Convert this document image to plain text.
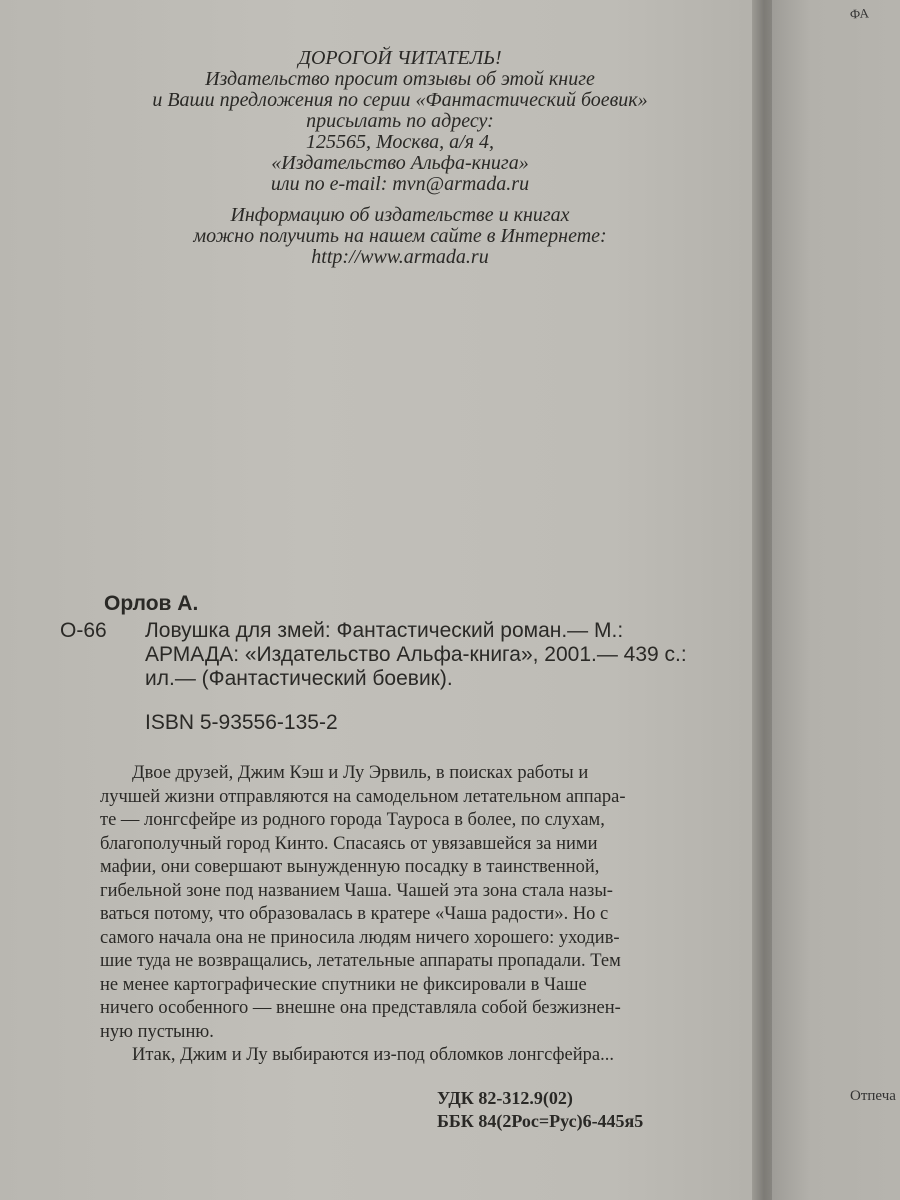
ДОРОГОЙ ЧИТАТЕЛЬ!
Издательство просит отзывы об этой книге
и Ваши предложения по серии «Фантастический боевик»
присылать по адресу:
125565, Москва, а/я 4,
«Издательство Альфа-книга»
или по e-mail: mvn@armada.ru
Информацию об издательстве и книгах
можно получить на нашем сайте в Интернете:
http://www.armada.ru
Орлов А.
О-66 Ловушка для змей: Фантастический роман.— М.:
АРМАДА: «Издательство Альфа-книга», 2001.— 439 с.:
ил.— (Фантастический боевик).
ISBN 5-93556-135-2
Двое друзей, Джим Кэш и Лу Эрвиль, в поисках работы и
лучшей жизни отправляются на самодельном летательном аппара-
те — лонгсфейре из родного города Тауроса в более, по слухам,
благополучный город Кинто. Спасаясь от увязавшейся за ними
мафии, они совершают вынужденную посадку в таинственной,
гибельной зоне под названием Чаша. Чашей эта зона стала назы-
ваться потому, что образовалась в кратере «Чаша радости». Но с
самого начала она не приносила людям ничего хорошего: уходив-
шие туда не возвращались, летательные аппараты пропадали. Тем
не менее картографические спутники не фиксировали в Чаше
ничего особенного — внешне она представляла собой безжизнен-
ную пустыню.
Итак, Джим и Лу выбираются из-под обломков лонгсфейра...
УДК 82-312.9(02)
ББК 84(2Рос=Рус)6-445я5
ФА
Отпеча
